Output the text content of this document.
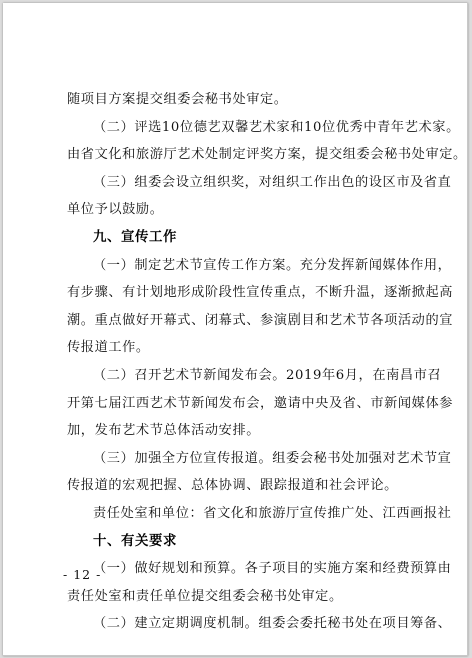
随项目方案提交组委会秘书处审定。

（二）评选10位德艺双馨艺术家和10位优秀中青年艺术家。

由省文化和旅游厅艺术处制定评奖方案，提交组委会秘书处审定。

（三）组委会设立组织奖，对组织工作出色的设区市及省直

单位予以鼓励。

九、宣传工作

（一）制定艺术节宣传工作方案。充分发挥新闻媒体作用，

有步骤、有计划地形成阶段性宣传重点，不断升温，逐渐掀起高

潮。重点做好开幕式、闭幕式、参演剧目和艺术节各项活动的宣

传报道工作。

（二）召开艺术节新闻发布会。2019年6月，在南昌市召

开第七届江西艺术节新闻发布会，邀请中央及省、市新闻媒体参

加，发布艺术节总体活动安排。

（三）加强全方位宣传报道。组委会秘书处加强对艺术节宣

传报道的宏观把握、总体协调、跟踪报道和社会评论。

责任处室和单位：省文化和旅游厅宣传推广处、江西画报社

十、有关要求

（一）做好规划和预算。各子项目的实施方案和经费预算由

责任处室和责任单位提交组委会秘书处审定。

（二）建立定期调度机制。组委会委托秘书处在项目筹备、

- 12 -
